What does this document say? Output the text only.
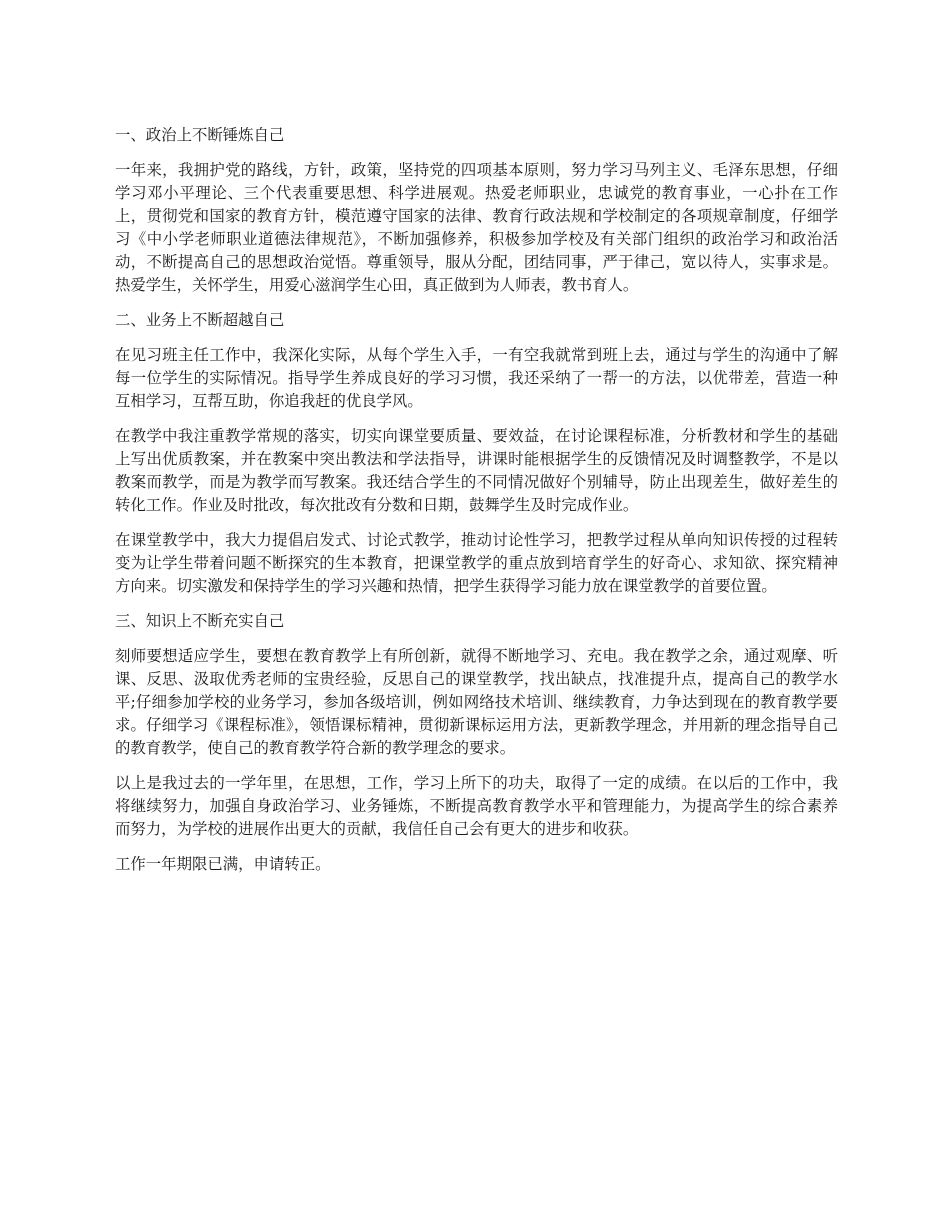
一、政治上不断锤炼自己

一年来，我拥护党的路线，方针，政策，坚持党的四项基本原则，努力学习马列主义、毛泽东思想，仔细学习邓小平理论、三个代表重要思想、科学进展观。热爱老师职业，忠诚党的教育事业，一心扑在工作上，贯彻党和国家的教育方针，模范遵守国家的法律、教育行政法规和学校制定的各项规章制度，仔细学习《中小学老师职业道德法律规范》，不断加强修养，积极参加学校及有关部门组织的政治学习和政治活动，不断提高自己的思想政治觉悟。尊重领导，服从分配，团结同事，严于律己，宽以待人，实事求是。热爱学生，关怀学生，用爱心滋润学生心田，真正做到为人师表，教书育人。

二、业务上不断超越自己

在见习班主任工作中，我深化实际，从每个学生入手，一有空我就常到班上去，通过与学生的沟通中了解每一位学生的实际情况。指导学生养成良好的学习习惯，我还采纳了一帮一的方法，以优带差，营造一种互相学习，互帮互助，你追我赶的优良学风。

在教学中我注重教学常规的落实，切实向课堂要质量、要效益，在讨论课程标准，分析教材和学生的基础上写出优质教案，并在教案中突出教法和学法指导，讲课时能根据学生的反馈情况及时调整教学，不是以教案而教学，而是为教学而写教案。我还结合学生的不同情况做好个别辅导，防止出现差生，做好差生的转化工作。作业及时批改，每次批改有分数和日期，鼓舞学生及时完成作业。

在课堂教学中，我大力提倡启发式、讨论式教学，推动讨论性学习，把教学过程从单向知识传授的过程转变为让学生带着问题不断探究的生本教育，把课堂教学的重点放到培育学生的好奇心、求知欲、探究精神方向来。切实激发和保持学生的学习兴趣和热情，把学生获得学习能力放在课堂教学的首要位置。

三、知识上不断充实自己

刻师要想适应学生，要想在教育教学上有所创新，就得不断地学习、充电。我在教学之余，通过观摩、听课、反思、汲取优秀老师的宝贵经验，反思自己的课堂教学，找出缺点，找准提升点，提高自己的教学水平;仔细参加学校的业务学习，参加各级培训，例如网络技术培训、继续教育，力争达到现在的教育教学要求。仔细学习《课程标准》，领悟课标精神，贯彻新课标运用方法，更新教学理念，并用新的理念指导自己的教育教学，使自己的教育教学符合新的教学理念的要求。

以上是我过去的一学年里，在思想，工作，学习上所下的功夫，取得了一定的成绩。在以后的工作中，我将继续努力，加强自身政治学习、业务锤炼，不断提高教育教学水平和管理能力，为提高学生的综合素养而努力，为学校的进展作出更大的贡献，我信任自己会有更大的进步和收获。

工作一年期限已满，申请转正。
